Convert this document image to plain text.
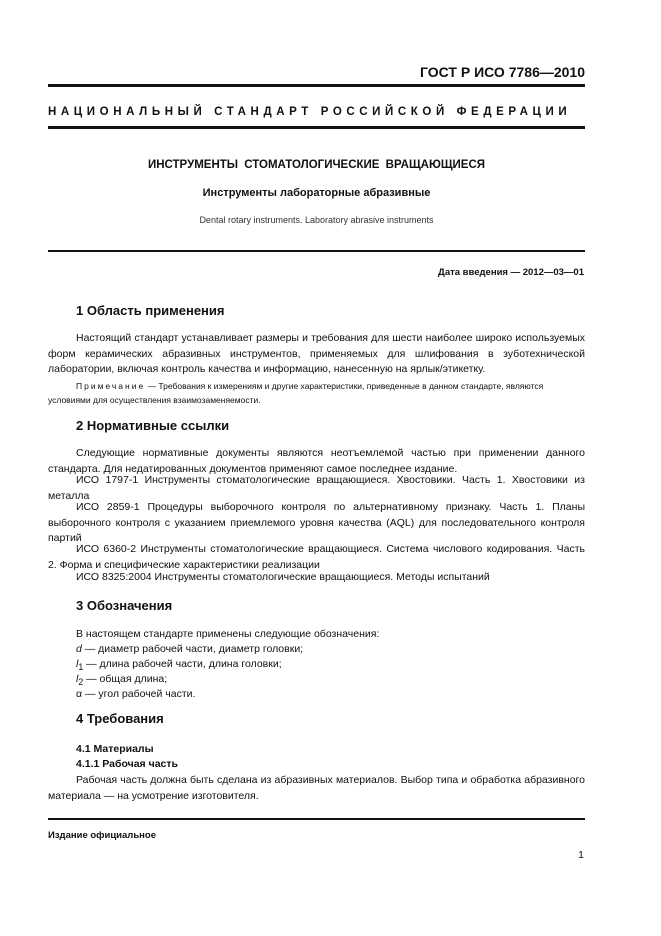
ГОСТ Р ИСО 7786—2010
НАЦИОНАЛЬНЫЙ СТАНДАРТ РОССИЙСКОЙ ФЕДЕРАЦИИ
ИНСТРУМЕНТЫ СТОМАТОЛОГИЧЕСКИЕ ВРАЩАЮЩИЕСЯ
Инструменты лабораторные абразивные
Dental rotary instruments. Laboratory abrasive instruments
Дата введения — 2012—03—01
1 Область применения
Настоящий стандарт устанавливает размеры и требования для шести наиболее широко используемых форм керамических абразивных инструментов, применяемых для шлифования в зуботехнической лаборатории, включая контроль качества и информацию, нанесенную на ярлык/этикетку.
Примечание — Требования к измерениям и другие характеристики, приведенные в данном стандарте, являются условиями для осуществления взаимозаменяемости.
2 Нормативные ссылки
Следующие нормативные документы являются неотъемлемой частью при применении данного стандарта. Для недатированных документов применяют самое последнее издание.
ИСО 1797-1 Инструменты стоматологические вращающиеся. Хвостовики. Часть 1. Хвостовики из металла
ИСО 2859-1 Процедуры выборочного контроля по альтернативному признаку. Часть 1. Планы выборочного контроля с указанием приемлемого уровня качества (AQL) для последовательного контроля партий
ИСО 6360-2 Инструменты стоматологические вращающиеся. Система числового кодирования. Часть 2. Форма и специфические характеристики реализации
ИСО 8325:2004 Инструменты стоматологические вращающиеся. Методы испытаний
3 Обозначения
В настоящем стандарте применены следующие обозначения:
d — диаметр рабочей части, диаметр головки;
$l_1$ — длина рабочей части, длина головки;
$l_2$ — общая длина;
α — угол рабочей части.
4 Требования
4.1 Материалы
4.1.1 Рабочая часть
Рабочая часть должна быть сделана из абразивных материалов. Выбор типа и обработка абразивного материала — на усмотрение изготовителя.
Издание официальное
1
